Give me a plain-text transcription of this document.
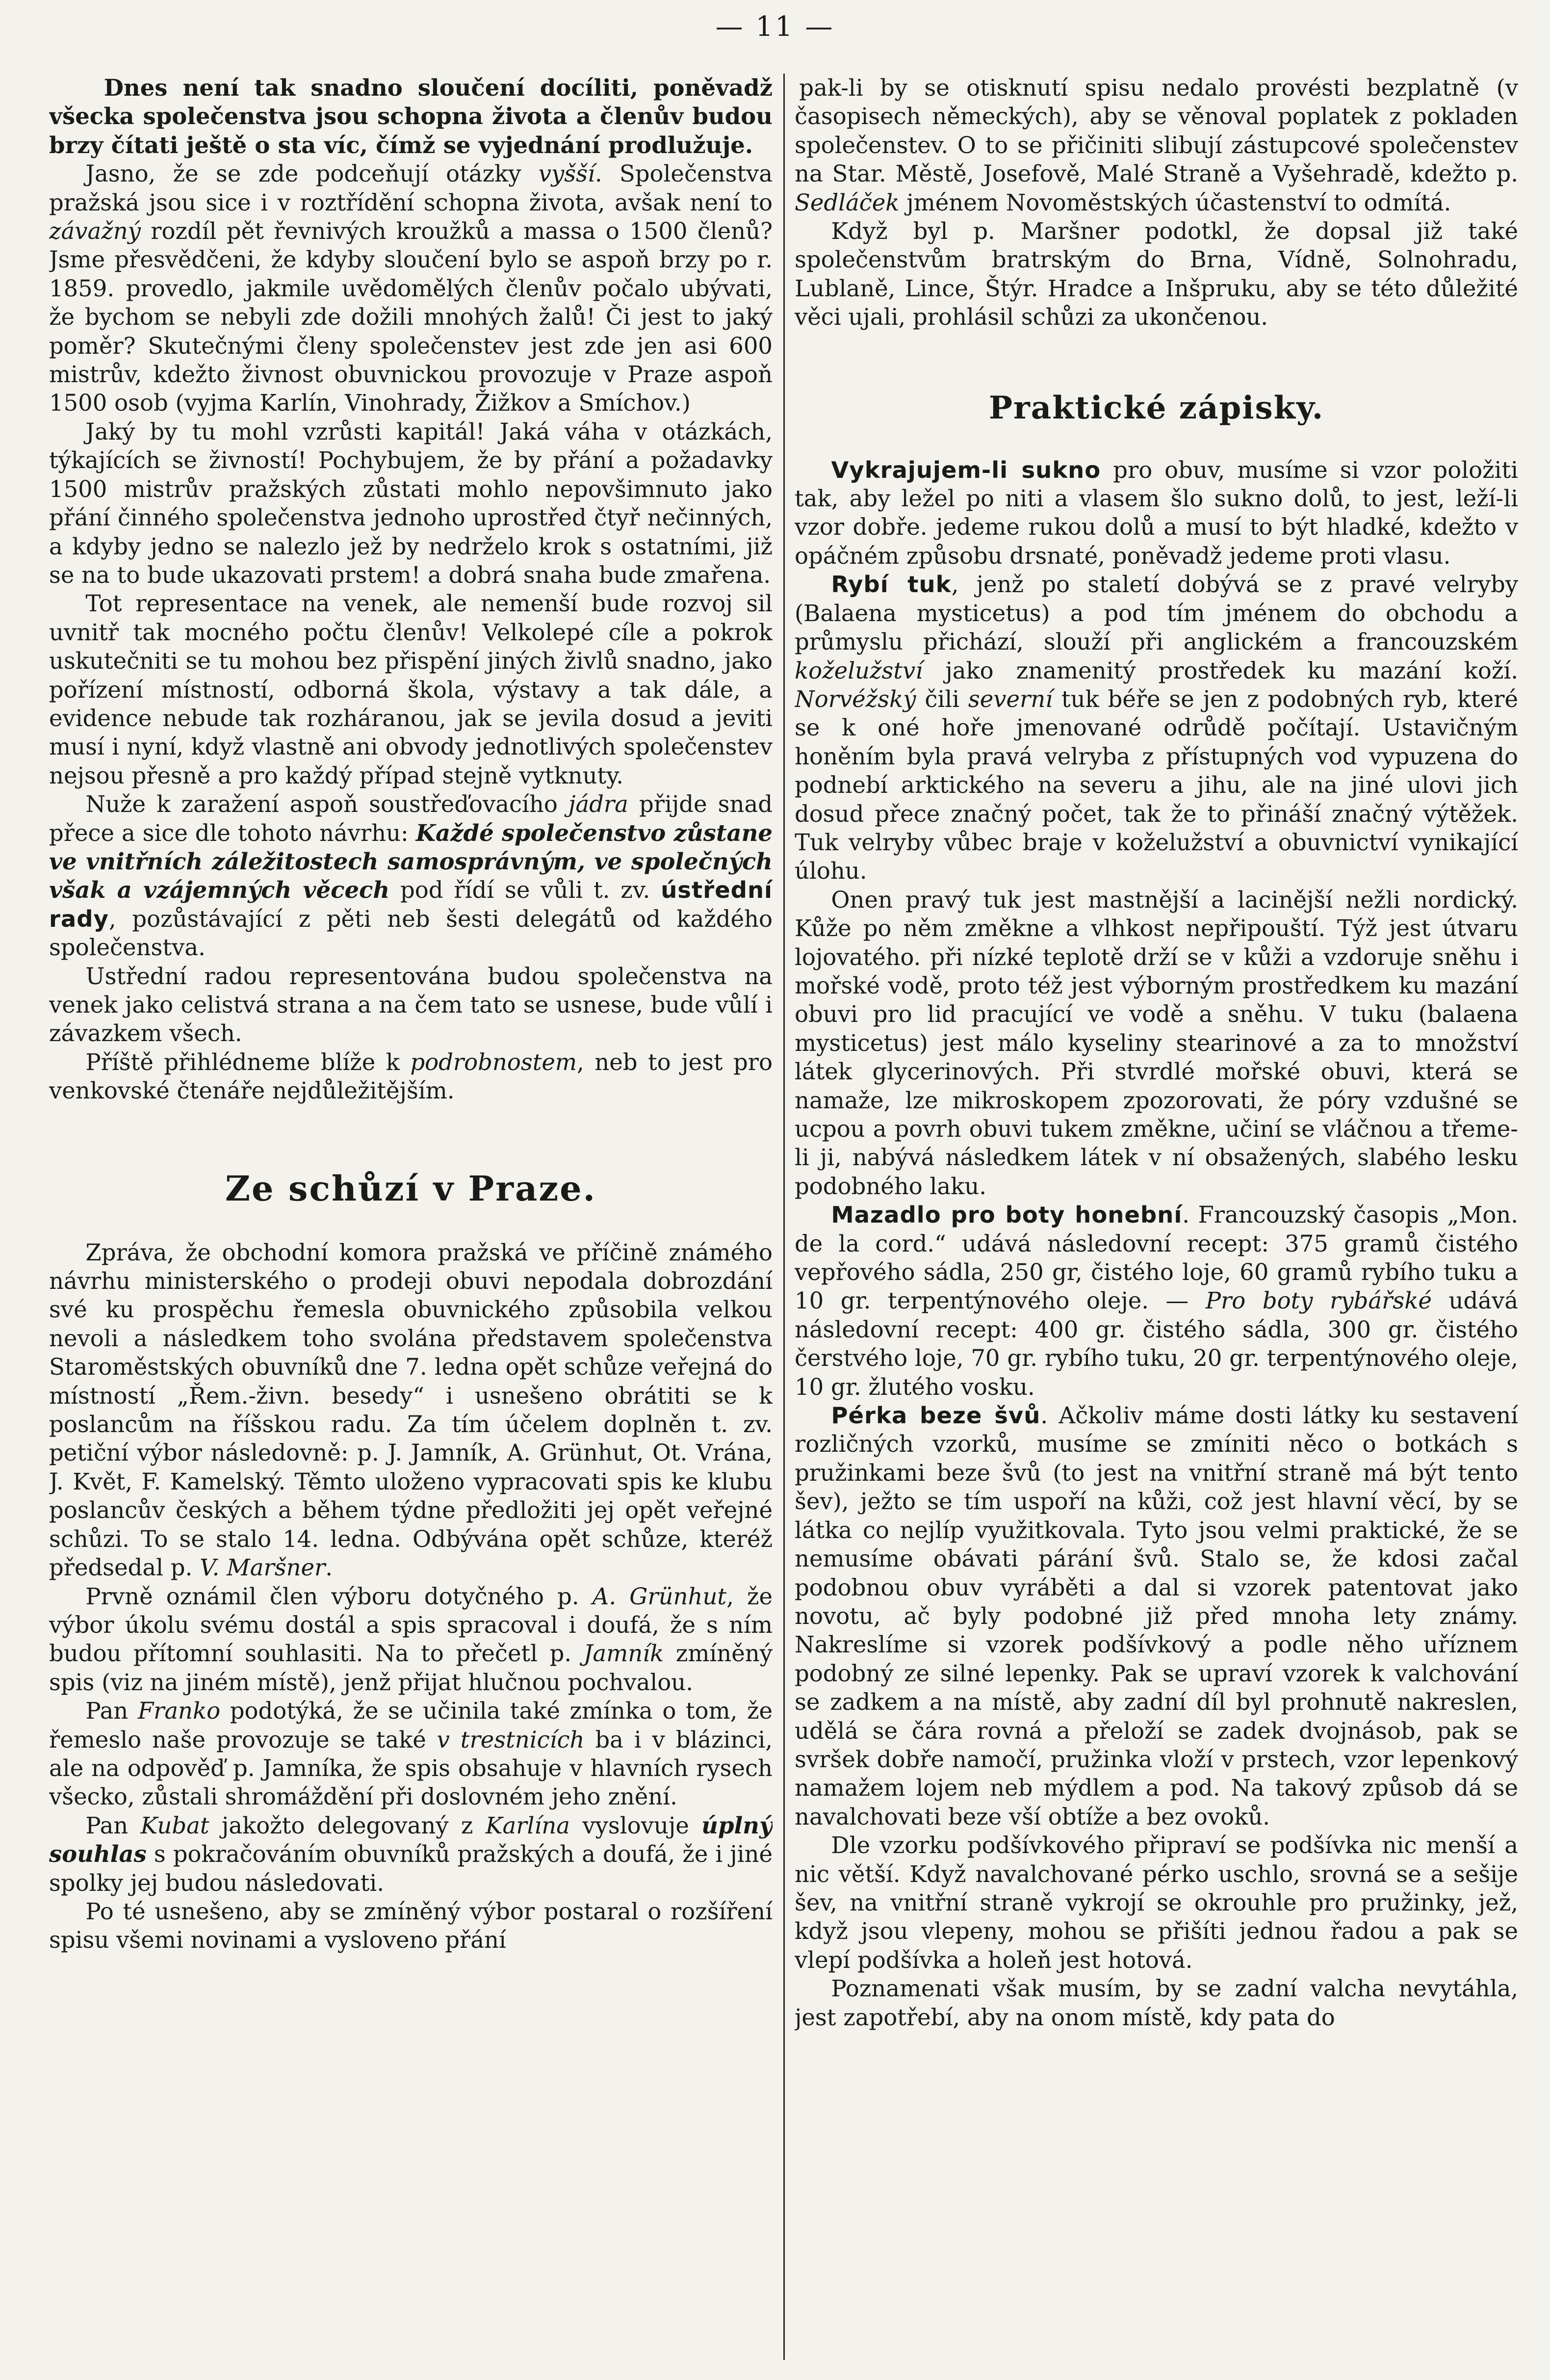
— 11 —

Dnes není tak snadno sloučení docíliti, poněvadž všecka společenstva jsou schopna života a členův budou brzy čítati ještě o sta víc, čímž se vyjednání prodlužuje.

Jasno, že se zde podceňují otázky vyšší. Společenstva pražská jsou sice i v roztřídění schopna života, avšak není to závažný rozdíl pět řevnivých kroužků a massa o 1500 členů? Jsme přesvědčeni, že kdyby sloučení bylo se aspoň brzy po r. 1859. provedlo, jakmile uvědomělých členův počalo ubývati, že bychom se nebyli zde dožili mnohých žalů! Či jest to jaký poměr? Skutečnými členy společenstev jest zde jen asi 600 mistrův, kdežto živnost obuvnickou provozuje v Praze aspoň 1500 osob (vyjma Karlín, Vinohrady, Žižkov a Smíchov.)

Jaký by tu mohl vzrůsti kapitál! Jaká váha v otázkách, týkajících se živností! Pochybujem, že by přání a požadavky 1500 mistrův pražských zůstati mohlo nepovšimnuto jako přání činného společenstva jednoho uprostřed čtyř nečinných, a kdyby jedno se nalezlo jež by nedrželo krok s ostatními, již se na to bude ukazovati prstem! a dobrá snaha bude zmařena.

Tot representace na venek, ale nemenší bude rozvoj sil uvnitř tak mocného počtu členův! Velkolepé cíle a pokrok uskutečniti se tu mohou bez přispění jiných živlů snadno, jako pořízení místností, odborná škola, výstavy a tak dále, a evidence nebude tak rozháranou, jak se jevila dosud a jeviti musí i nyní, když vlastně ani obvody jednotlivých společenstev nejsou přesně a pro každý případ stejně vytknuty.

Nuže k zaražení aspoň soustřeďovacího jádra přijde snad přece a sice dle tohoto návrhu: Každé společenstvo zůstane ve vnitřních záležitostech samosprávným, ve společných však a vzájemných věcech pod řídí se vůli t. zv. ústřední rady, pozůstávající z pěti neb šesti delegátů od každého společenstva.

Ustřední radou representována budou společenstva na venek jako celistvá strana a na čem tato se usnese, bude vůlí i závazkem všech.

Příště přihlédneme blíže k podrobnostem, neb to jest pro venkovské čtenáře nejdůležitějším.

Ze schůzí v Praze.

Zpráva, že obchodní komora pražská ve příčině známého návrhu ministerského o prodeji obuvi nepodala dobrozdání své ku prospěchu řemesla obuvnického způsobila velkou nevoli a následkem toho svolána představem společenstva Staroměstských obuvníků dne 7. ledna opět schůze veřejná do místností „Řem.-živn. besedy“ i usnešeno obrátiti se k poslancům na říšskou radu. Za tím účelem doplněn t. zv. petiční výbor následovně: p. J. Jamník, A. Grünhut, Ot. Vrána, J. Květ, F. Kamelský. Těmto uloženo vypracovati spis ke klubu poslancův českých a během týdne předložiti jej opět veřejné schůzi. To se stalo 14. ledna. Odbývána opět schůze, kteréž předsedal p. V. Maršner.

Prvně oznámil člen výboru dotyčného p. A. Grünhut, že výbor úkolu svému dostál a spis spracoval i doufá, že s ním budou přítomní souhlasiti. Na to přečetl p. Jamník zmíněný spis (viz na jiném místě), jenž přijat hlučnou pochvalou.

Pan Franko podotýká, že se učinila také zmínka o tom, že řemeslo naše provozuje se také v trestnicích ba i v blázinci, ale na odpověď p. Jamníka, že spis obsahuje v hlavních rysech všecko, zůstali shromáždění při doslovném jeho znění.

Pan Kubat jakožto delegovaný z Karlína vyslovuje úplný souhlas s pokračováním obuvníků pražských a doufá, že i jiné spolky jej budou následovati.

Po té usnešeno, aby se zmíněný výbor postaral o rozšíření spisu všemi novinami a vysloveno přání

pak-li by se otisknutí spisu nedalo provésti bezplatně (v časopisech německých), aby se věnoval poplatek z pokladen společenstev. O to se přičiniti slibují zástupcové společenstev na Star. Městě, Josefově, Malé Straně a Vyšehradě, kdežto p. Sedláček jménem Novoměstských účastenství to odmítá.

Když byl p. Maršner podotkl, že dopsal již také společenstvům bratrským do Brna, Vídně, Solnohradu, Lublaně, Lince, Štýr. Hradce a Inšpruku, aby se této důležité věci ujali, prohlásil schůzi za ukončenou.

Praktické zápisky.

Vykrajujem-li sukno pro obuv, musíme si vzor položiti tak, aby ležel po niti a vlasem šlo sukno dolů, to jest, leží-li vzor dobře. jedeme rukou dolů a musí to být hladké, kdežto v opáčném způsobu drsnaté, poněvadž jedeme proti vlasu.

Rybí tuk, jenž po staletí dobývá se z pravé velryby (Balaena mysticetus) a pod tím jménem do obchodu a průmyslu přichází, slouží při anglickém a francouzském koželužství jako znamenitý prostředek ku mazání koží. Norvéžský čili severní tuk béře se jen z podobných ryb, které se k oné hoře jmenované odrůdě počítají. Ustavičným honěním byla pravá velryba z přístupných vod vypuzena do podnebí arktického na severu a jihu, ale na jiné ulovi jich dosud přece značný počet, tak že to přináší značný výtěžek. Tuk velryby vůbec braje v koželužství a obuvnictví vynikající úlohu.

Onen pravý tuk jest mastnější a lacinější nežli nordický. Kůže po něm změkne a vlhkost nepřipouští. Týž jest útvaru lojovatého. při nízké teplotě drží se v kůži a vzdoruje sněhu i mořské vodě, proto též jest výborným prostředkem ku mazání obuvi pro lid pracující ve vodě a sněhu. V tuku (balaena mysticetus) jest málo kyseliny stearinové a za to množství látek glycerinových. Při stvrdlé mořské obuvi, která se namaže, lze mikroskopem zpozorovati, že póry vzdušné se ucpou a povrh obuvi tukem změkne, učiní se vláčnou a třeme-li ji, nabývá následkem látek v ní obsažených, slabého lesku podobného laku.

Mazadlo pro boty honební. Francouzský časopis „Mon. de la cord.“ udává následovní recept: 375 gramů čistého vepřového sádla, 250 gr, čistého loje, 60 gramů rybího tuku a 10 gr. terpentýnového oleje. — Pro boty rybářské udává následovní recept: 400 gr. čistého sádla, 300 gr. čistého čerstvého loje, 70 gr. rybího tuku, 20 gr. terpentýnového oleje, 10 gr. žlutého vosku.

Pérka beze švů. Ačkoliv máme dosti látky ku sestavení rozličných vzorků, musíme se zmíniti něco o botkách s pružinkami beze švů (to jest na vnitřní straně má být tento šev), ježto se tím uspoří na kůži, což jest hlavní věcí, by se látka co nejlíp využitkovala. Tyto jsou velmi praktické, že se nemusíme obávati párání švů. Stalo se, že kdosi začal podobnou obuv vyráběti a dal si vzorek patentovat jako novotu, ač byly podobné již před mnoha lety známy. Nakreslíme si vzorek podšívkový a podle něho uříznem podobný ze silné lepenky. Pak se upraví vzorek k valchování se zadkem a na místě, aby zadní díl byl prohnutě nakreslen, udělá se čára rovná a přeloží se zadek dvojnásob, pak se svršek dobře namočí, pružinka vloží v prstech, vzor lepenkový namažem lojem neb mýdlem a pod. Na takový způsob dá se navalchovati beze vší obtíže a bez ovoků.

Dle vzorku podšívkového připraví se podšívka nic menší a nic větší. Když navalchované pérko uschlo, srovná se a sešije šev, na vnitřní straně vykrojí se okrouhle pro pružinky, jež, když jsou vlepeny, mohou se přišíti jednou řadou a pak se vlepí podšívka a holeň jest hotová.

Poznamenati však musím, by se zadní valcha nevytáhla, jest zapotřebí, aby na onom místě, kdy pata do
